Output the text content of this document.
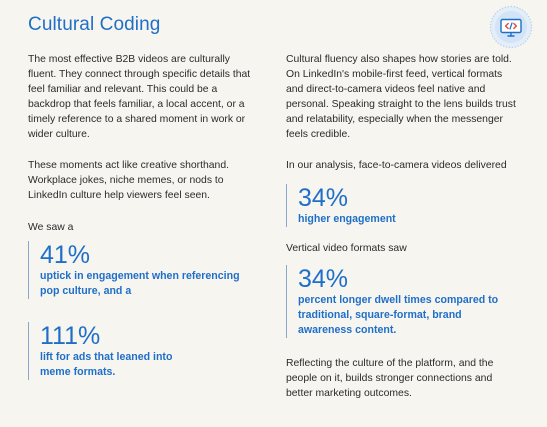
Cultural Coding

The most effective B2B videos are culturally fluent. They connect through specific details that feel familiar and relevant. This could be a backdrop that feels familiar, a local accent, or a timely reference to a shared moment in work or wider culture.

These moments act like creative shorthand. Workplace jokes, niche memes, or nods to LinkedIn culture help viewers feel seen.

We saw a

41%
uptick in engagement when referencing pop culture, and a
111%
lift for ads that leaned into meme formats.

Cultural fluency also shapes how stories are told. On LinkedIn's mobile-first feed, vertical formats and direct-to-camera videos feel native and personal. Speaking straight to the lens builds trust and relatability, especially when the messenger feels credible.

In our analysis, face-to-camera videos delivered

34%
higher engagement

Vertical video formats saw

34%
percent longer dwell times compared to traditional, square-format, brand awareness content.

Reflecting the culture of the platform, and the people on it, builds stronger connections and better marketing outcomes.
